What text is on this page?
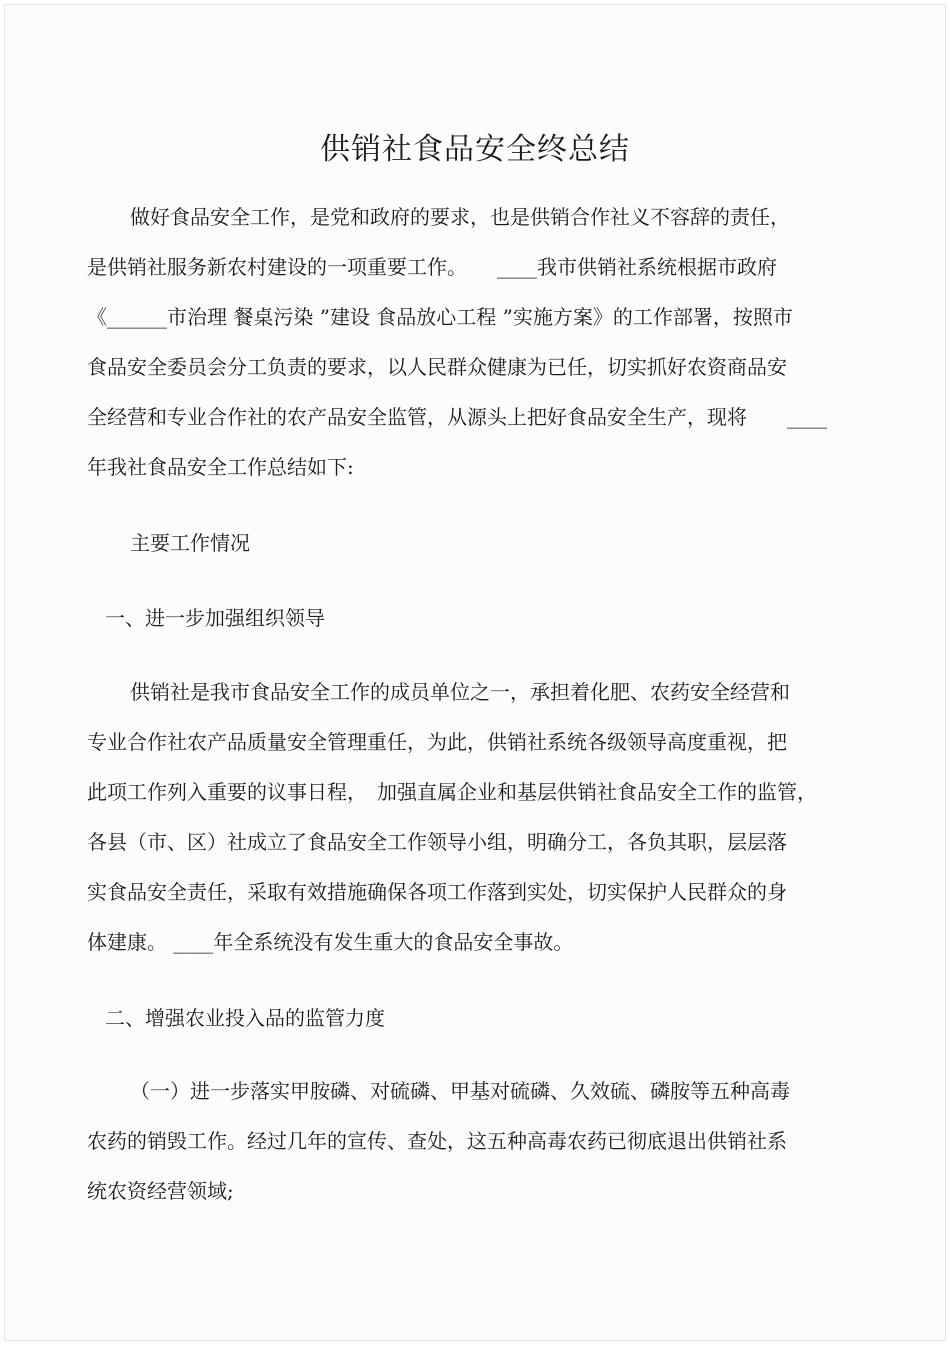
供销社食品安全终总结

做好食品安全工作，是党和政府的要求，也是供销合作社义不容辞的责任，

是供销社服务新农村建设的一项重要工作。　　____我市供销社系统根据市政府

《______市治理 餐桌污染 ”建设 食品放心工程 ”实施方案》的工作部署，按照市

食品安全委员会分工负责的要求，以人民群众健康为已任，切实抓好农资商品安

全经营和专业合作社的农产品安全监管，从源头上把好食品安全生产，现将　　____

年我社食品安全工作总结如下:

主要工作情况

一、进一步加强组织领导

供销社是我市食品安全工作的成员单位之一，承担着化肥、农药安全经营和

专业合作社农产品质量安全管理重任，为此，供销社系统各级领导高度重视，把

此项工作列入重要的议事日程，　加强直属企业和基层供销社食品安全工作的监管，

各县（市、区）社成立了食品安全工作领导小组，明确分工，各负其职，层层落

实食品安全责任，采取有效措施确保各项工作落到实处，切实保护人民群众的身

体建康。 ____年全系统没有发生重大的食品安全事故。

二、增强农业投入品的监管力度

（一）进一步落实甲胺磷、对硫磷、甲基对硫磷、久效硫、磷胺等五种高毒

农药的销毁工作。经过几年的宣传、查处，这五种高毒农药已彻底退出供销社系

统农资经营领域;
